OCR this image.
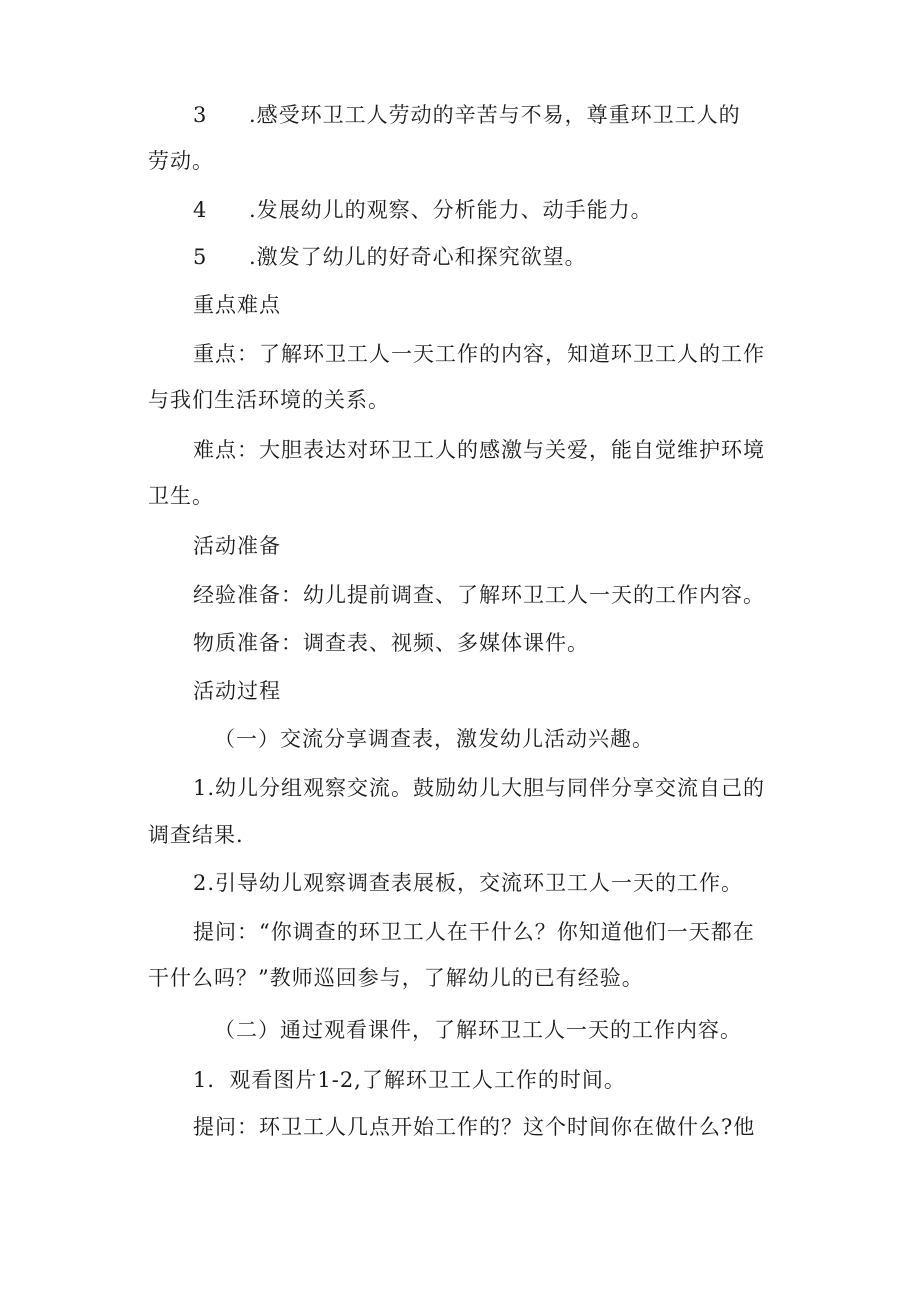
3 .感受环卫工人劳动的辛苦与不易，尊重环卫工人的
劳动。
4 .发展幼儿的观察、分析能力、动手能力。
5 .激发了幼儿的好奇心和探究欲望。
重点难点
重点：了解环卫工人一天工作的内容，知道环卫工人的工作
与我们生活环境的关系。
难点：大胆表达对环卫工人的感激与关爱，能自觉维护环境
卫生。
活动准备
经验准备：幼儿提前调查、了解环卫工人一天的工作内容。
物质准备：调查表、视频、多媒体课件。
活动过程
（一）交流分享调查表，激发幼儿活动兴趣。
1.幼儿分组观察交流。鼓励幼儿大胆与同伴分享交流自己的
调查结果.
2.引导幼儿观察调查表展板，交流环卫工人一天的工作。
提问：“你调查的环卫工人在干什么？你知道他们一天都在
干什么吗？”教师巡回参与，了解幼儿的已有经验。
（二）通过观看课件，了解环卫工人一天的工作内容。
1．观看图片1-2,了解环卫工人工作的时间。
提问：环卫工人几点开始工作的？这个时间你在做什么?他
